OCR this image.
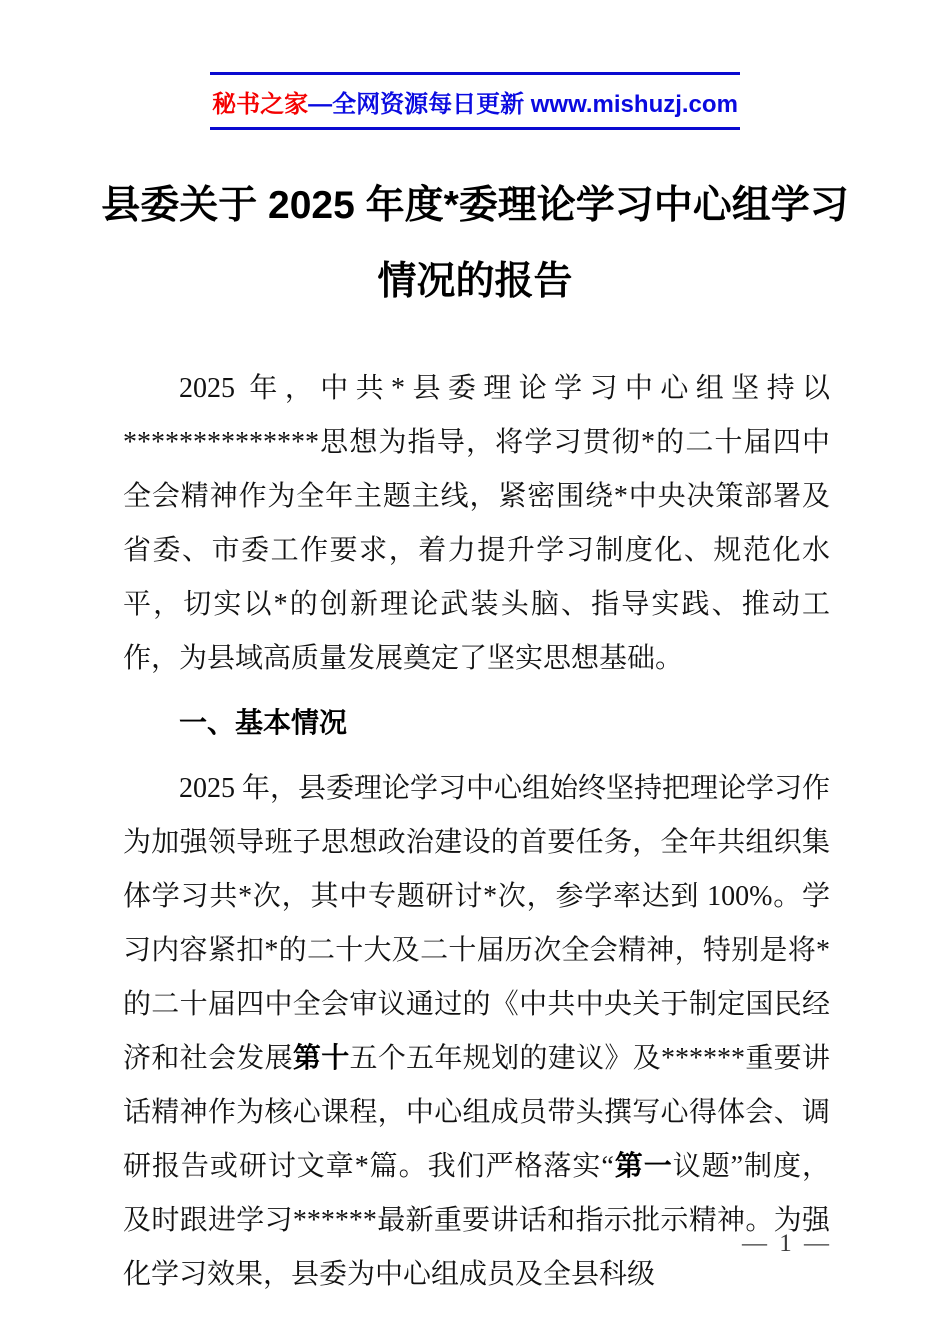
秘书之家—全网资源每日更新 www.mishuzj.com
县委关于 2025 年度*委理论学习中心组学习
情况的报告

2025 年，中共*县委理论学习中心组坚持以**************思想为指导，将学习贯彻*的二十届四中全会精神作为全年主题主线，紧密围绕*中央决策部署及省委、市委工作要求，着力提升学习制度化、规范化水平，切实以*的创新理论武装头脑、指导实践、推动工作，为县域高质量发展奠定了坚实思想基础。

一、基本情况

2025 年，县委理论学习中心组始终坚持把理论学习作为加强领导班子思想政治建设的首要任务，全年共组织集体学习共*次，其中专题研讨*次，参学率达到 100%。学习内容紧扣*的二十大及二十届历次全会精神，特别是将*的二十届四中全会审议通过的《中共中央关于制定国民经济和社会发展第十五个五年规划的建议》及******重要讲话精神作为核心课程，中心组成员带头撰写心得体会、调研报告或研讨文章*篇。我们严格落实“第一议题”制度，及时跟进学习******最新重要讲话和指示批示精神。为强化学习效果，县委为中心组成员及全县科级

— 1 —
